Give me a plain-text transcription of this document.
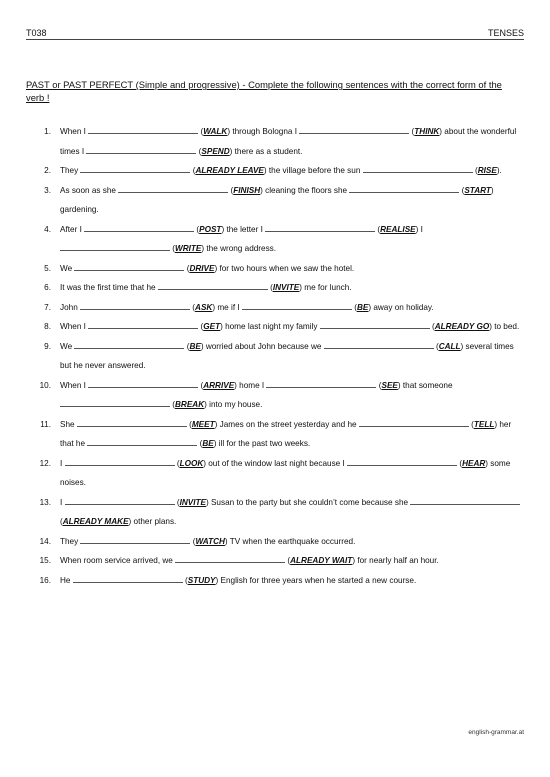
T038	TENSES
PAST or PAST PERFECT (Simple and progressive) - Complete the following sentences with the correct form of the verb !
1. When I	(WALK) through Bologna I	(THINK) about the wonderful times I	(SPEND) there as a student.
2. They	(ALREADY LEAVE) the village before the sun	(RISE).
3. As soon as she	(FINISH) cleaning the floors she	(START) gardening.
4. After I	(POST) the letter I	(REALISE) I  (WRITE) the wrong address.
5. We	(DRIVE) for two hours when we saw the hotel.
6. It was the first time that he	(INVITE) me for lunch.
7. John	(ASK) me if I	(BE) away on holiday.
8. When I	(GET) home last night my family	(ALREADY GO) to bed.
9. We	(BE) worried about John because we	(CALL) several times but he never answered.
10. When I	(ARRIVE) home I	(SEE) that someone  (BREAK) into my house.
11. She	(MEET) James on the street yesterday and he	(TELL) her that he	(BE) ill for the past two weeks.
12. I	(LOOK) out of the window last night because I	(HEAR) some noises.
13. I	(INVITE) Susan to the party but she couldn’t come because she  (ALREADY MAKE) other plans.
14. They	(WATCH) TV when the earthquake occurred.
15. When room service arrived, we	(ALREADY WAIT) for nearly half an hour.
16. He	(STUDY) English for three years when he started a new course.
english-grammar.at
